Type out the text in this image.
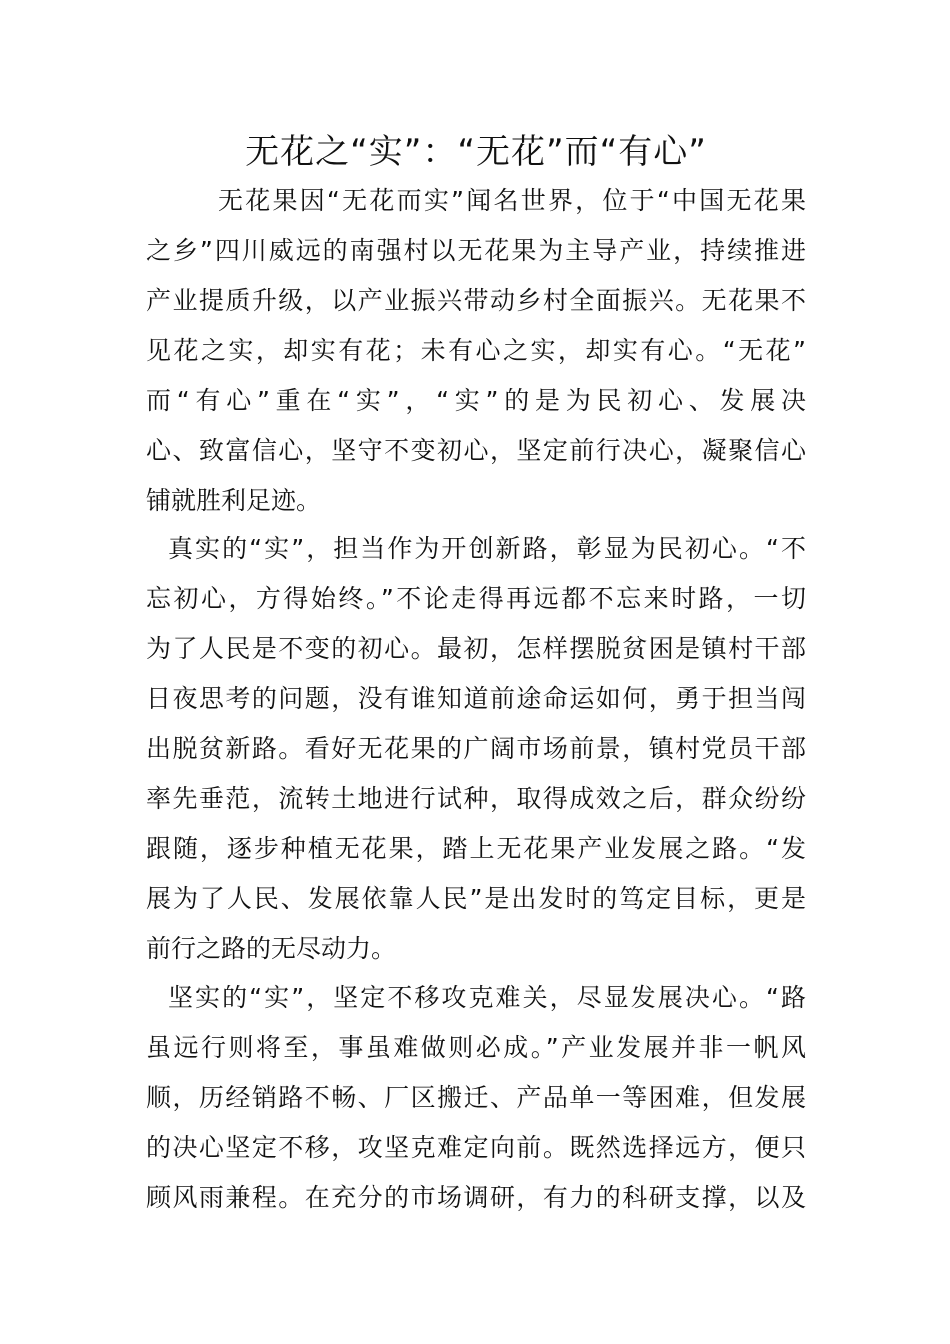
无花之“实”：“无花”而“有心”
无花果因“无花而实”闻名世界，位于“中国无花果
之乡”四川威远的南强村以无花果为主导产业，持续推进
产业提质升级，以产业振兴带动乡村全面振兴。无花果不
见花之实，却实有花；未有心之实，却实有心。“无花”
而“有心”重在“实”，“实”的是为民初心、发展决
心、致富信心，坚守不变初心，坚定前行决心，凝聚信心
铺就胜利足迹。
真实的“实”，担当作为开创新路，彰显为民初心。“不
忘初心，方得始终。”不论走得再远都不忘来时路，一切
为了人民是不变的初心。最初，怎样摆脱贫困是镇村干部
日夜思考的问题，没有谁知道前途命运如何，勇于担当闯
出脱贫新路。看好无花果的广阔市场前景，镇村党员干部
率先垂范，流转土地进行试种，取得成效之后，群众纷纷
跟随，逐步种植无花果，踏上无花果产业发展之路。“发
展为了人民、发展依靠人民”是出发时的笃定目标，更是
前行之路的无尽动力。
坚实的“实”，坚定不移攻克难关，尽显发展决心。“路
虽远行则将至，事虽难做则必成。”产业发展并非一帆风
顺，历经销路不畅、厂区搬迁、产品单一等困难，但发展
的决心坚定不移，攻坚克难定向前。既然选择远方，便只
顾风雨兼程。在充分的市场调研，有力的科研支撑，以及
